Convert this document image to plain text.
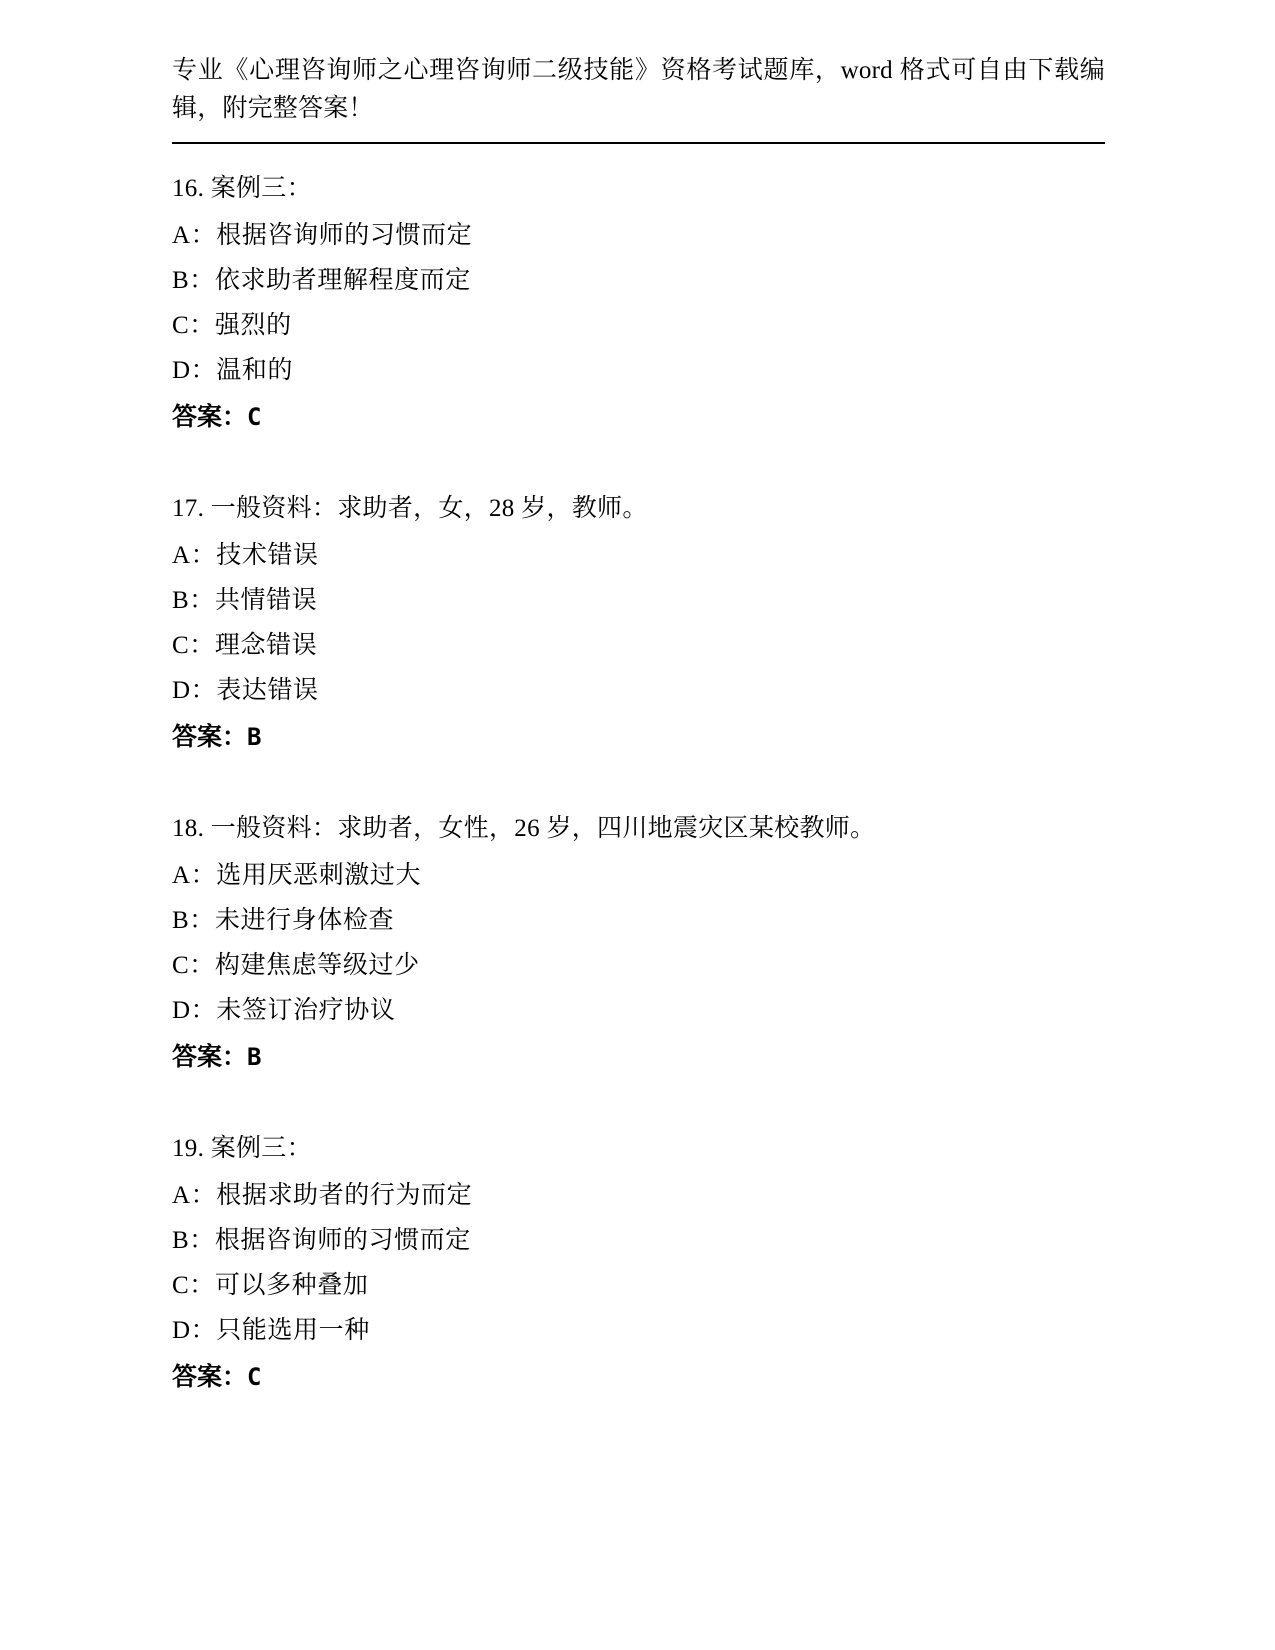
专业《心理咨询师之心理咨询师二级技能》资格考试题库，word 格式可自由下载编辑，附完整答案！

16. 案例三：

A：根据咨询师的习惯而定

B：依求助者理解程度而定

C：强烈的

D：温和的

答案：C

17. 一般资料：求助者，女，28 岁，教师。

A：技术错误

B：共情错误

C：理念错误

D：表达错误

答案：B

18. 一般资料：求助者，女性，26 岁，四川地震灾区某校教师。

A：选用厌恶刺激过大

B：未进行身体检查

C：构建焦虑等级过少

D：未签订治疗协议

答案：B

19. 案例三：

A：根据求助者的行为而定

B：根据咨询师的习惯而定

C：可以多种叠加

D：只能选用一种

答案：C
